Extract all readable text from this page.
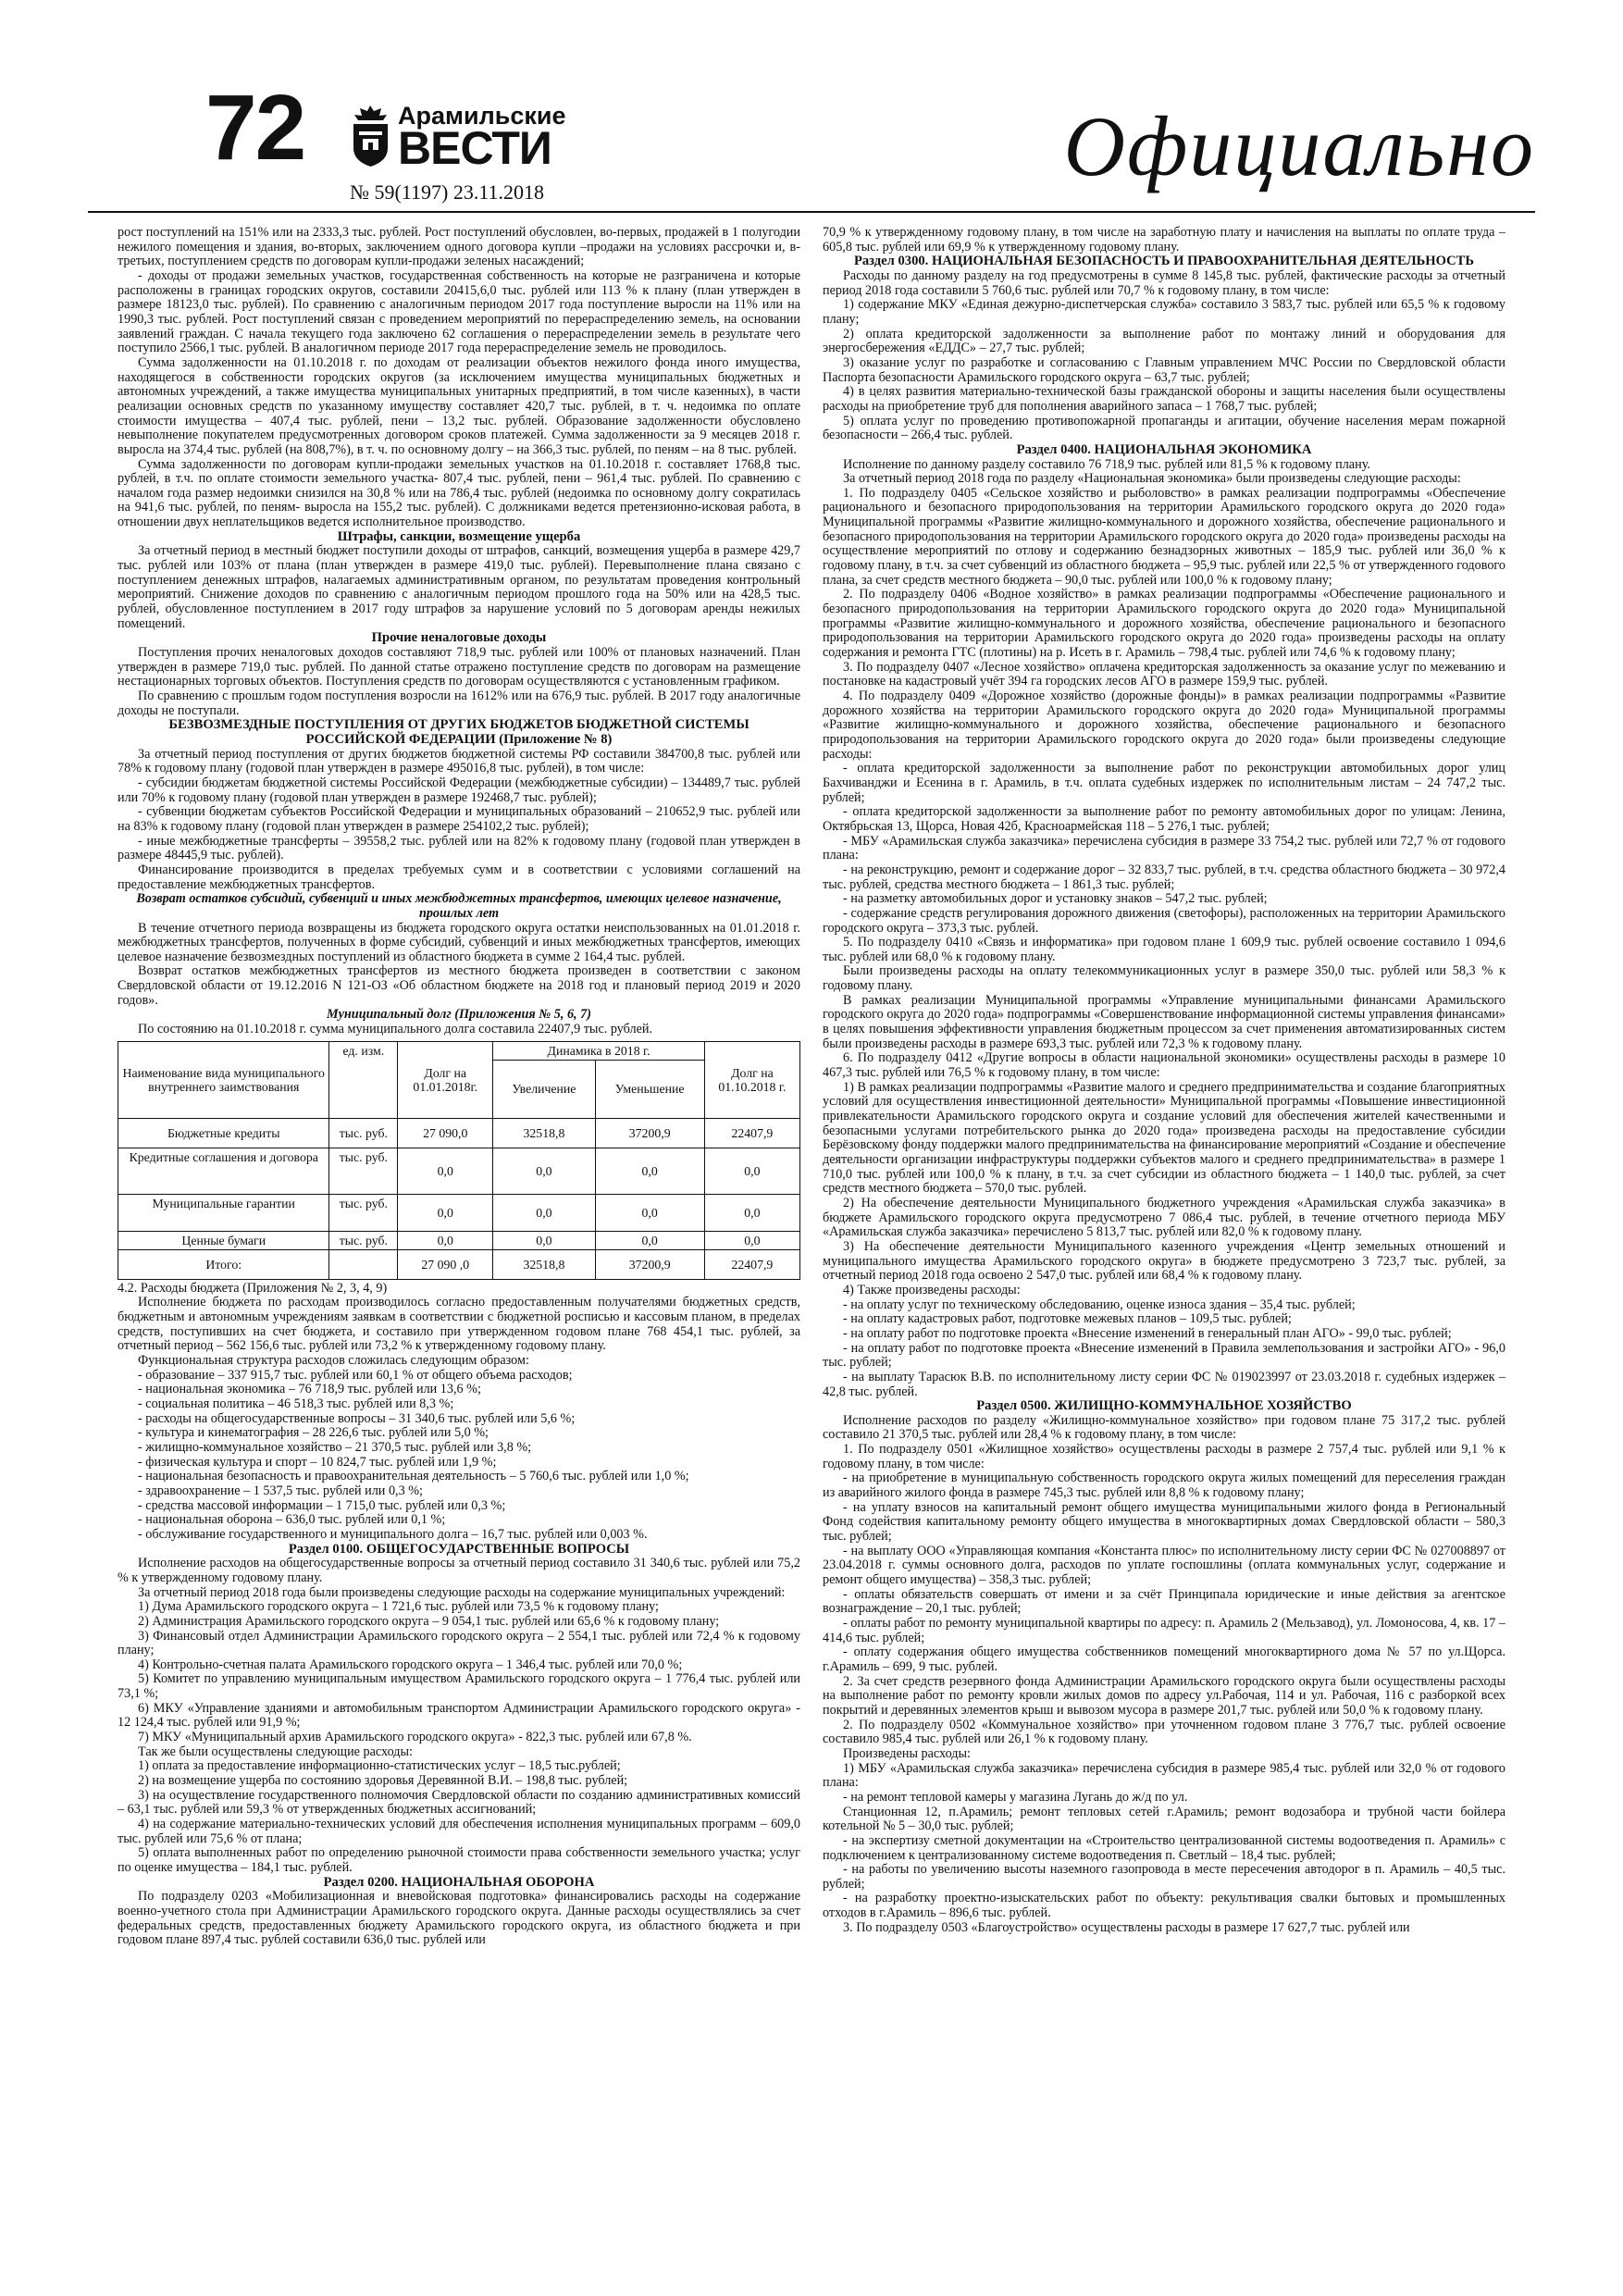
72	Арамильские
ВЕСТИ
№ 59(1197) 23.11.2018	Официально

рост поступлений на 151% или на 2333,3 тыс. рублей. Рост поступлений обусловлен, во-первых, продажей в 1 полугодии нежилого помещения и здания, во-вторых, заключением одного договора купли –продажи на условиях рассрочки и, в- третьих, поступлением средств по договорам купли-продажи зеленых насаждений;

- доходы от продажи земельных участков, государственная собственность на которые не разграничена и которые расположены в границах городских округов, составили 20415,6,0 тыс. рублей или 113 % к плану (план утвержден в размере 18123,0 тыс. рублей). По сравнению с аналогичным периодом 2017 года поступление выросли на 11% или на 1990,3 тыс. рублей. Рост поступлений связан с проведением мероприятий по перераспределению земель, на основании заявлений граждан. С начала текущего года заключено 62 соглашения о перераспределении земель в результате чего поступило 2566,1 тыс. рублей. В аналогичном периоде 2017 года перераспределение земель не проводилось.

Сумма задолженности на 01.10.2018 г. по доходам от реализации объектов нежилого фонда иного имущества, находящегося в собственности городских округов (за исключением имущества муниципальных бюджетных и автономных учреждений, а также имущества муниципальных унитарных предприятий, в том числе казенных), в части реализации основных средств по указанному имуществу составляет 420,7 тыс. рублей, в т. ч. недоимка по оплате стоимости имущества – 407,4 тыс. рублей, пени – 13,2 тыс. рублей. Образование задолженности обусловлено невыполнение покупателем предусмотренных договором сроков платежей. Сумма задолженности за 9 месяцев 2018 г. выросла на 374,4 тыс. рублей (на 808,7%), в т. ч. по основному долгу – на 366,3 тыс. рублей, по пеням – на 8 тыс. рублей.

Сумма задолженности по договорам купли-продажи земельных участков на 01.10.2018 г. составляет 1768,8 тыс. рублей, в т.ч. по оплате стоимости земельного участка- 807,4 тыс. рублей, пени – 961,4 тыс. рублей. По сравнению с началом года размер недоимки снизился на 30,8 % или на 786,4 тыс. рублей (недоимка по основному долгу сократилась на 941,6 тыс. рублей, по пеням- выросла на 155,2 тыс. рублей). С должниками ведется претензионно-исковая работа, в отношении двух неплательщиков ведется исполнительное производство.

Штрафы, санкции, возмещение ущерба

За отчетный период в местный бюджет поступили доходы от штрафов, санкций, возмещения ущерба в размере 429,7 тыс. рублей или 103% от плана (план утвержден в размере 419,0 тыс. рублей). Перевыполнение плана связано с поступлением денежных штрафов, налагаемых административным органом, по результатам проведения контрольный мероприятий. Снижение доходов по сравнению с аналогичным периодом прошлого года на 50% или на 428,5 тыс. рублей, обусловленное поступлением в 2017 году штрафов за нарушение условий по 5 договорам аренды нежилых помещений.

Прочие неналоговые доходы

Поступления прочих неналоговых доходов составляют 718,9 тыс. рублей или 100% от плановых назначений. План утвержден в размере 719,0 тыс. рублей. По данной статье отражено поступление средств по договорам на размещение нестационарных торговых объектов. Поступления средств по договорам осуществляются с установленным графиком.

По сравнению с прошлым годом поступления возросли на 1612% или на 676,9 тыс. рублей. В 2017 году аналогичные доходы не поступали.

БЕЗВОЗМЕЗДНЫЕ ПОСТУПЛЕНИЯ ОТ ДРУГИХ БЮДЖЕТОВ БЮДЖЕТНОЙ СИСТЕМЫ РОССИЙСКОЙ ФЕДЕРАЦИИ (Приложение № 8)

За отчетный период поступления от других бюджетов бюджетной системы РФ составили 384700,8 тыс. рублей или 78% к годовому плану (годовой план утвержден в размере 495016,8 тыс. рублей), в том числе:

- субсидии бюджетам бюджетной системы Российской Федерации (межбюджетные субсидии) – 134489,7 тыс. рублей или 70% к годовому плану (годовой план утвержден в размере 192468,7 тыс. рублей);

- субвенции бюджетам субъектов Российской Федерации и муниципальных образований – 210652,9 тыс. рублей или на 83% к годовому плану (годовой план утвержден в размере 254102,2 тыс. рублей);

- иные межбюджетные трансферты – 39558,2 тыс. рублей или на 82% к годовому плану (годовой план утвержден в размере 48445,9 тыс. рублей).

Финансирование производится в пределах требуемых сумм и в соответствии с условиями соглашений на предоставление межбюджетных трансфертов.

Возврат остатков субсидий, субвенций и иных межбюджетных трансфертов, имеющих целевое назначение, прошлых лет

В течение отчетного периода возвращены из бюджета городского округа остатки неиспользованных на 01.01.2018 г. межбюджетных трансфертов, полученных в форме субсидий, субвенций и иных межбюджетных трансфертов, имеющих целевое назначение безвозмездных поступлений из областного бюджета в сумме 2 164,4 тыс. рублей.

Возврат остатков межбюджетных трансфертов из местного бюджета произведен в соответствии с законом Свердловской области от 19.12.2016 N 121-ОЗ «Об областном бюджете на 2018 год и плановый период 2019 и 2020 годов».

Муниципальный долг (Приложения № 5, 6, 7)

По состоянию на 01.10.2018 г. сумма муниципального долга составила 22407,9 тыс. рублей.

Наименование вида муниципального внутреннего заимствования	ед. изм.	Долг на 01.01.2018г.	Динамика в 2018 г.		Долг на 01.10.2018 г.
			Увеличение	Уменьшение	
Бюджетные кредиты	тыс. руб.	27 090,0	32518,8	37200,9	22407,9
Кредитные соглашения и договора	тыс. руб.	0,0	0,0	0,0	0,0
Муниципальные гарантии	тыс. руб.	0,0	0,0	0,0	0,0
Ценные бумаги	тыс. руб.	0,0	0,0	0,0	0,0
Итого:		27 090 ,0	32518,8	37200,9	22407,9

4.2. Расходы бюджета (Приложения № 2, 3, 4, 9)

Исполнение бюджета по расходам производилось согласно предоставленным получателями бюджетных средств, бюджетным и автономным учреждениям заявкам в соответствии с бюджетной росписью и кассовым планом, в пределах средств, поступивших на счет бюджета, и составило при утвержденном годовом плане 768 454,1 тыс. рублей, за отчетный период – 562 156,6 тыс. рублей или 73,2 % к утвержденному годовому плану.

Функциональная структура расходов сложилась следующим образом:

- образование – 337 915,7 тыс. рублей или 60,1 % от общего объема расходов;

- национальная экономика – 76 718,9 тыс. рублей или 13,6 %;

- социальная политика – 46 518,3 тыс. рублей или 8,3 %;

- расходы на общегосударственные вопросы – 31 340,6 тыс. рублей или 5,6 %;

- культура и кинематография – 28 226,6 тыс. рублей или 5,0 %;

- жилищно-коммунальное хозяйство – 21 370,5 тыс. рублей или 3,8 %;

- физическая культура и спорт – 10 824,7 тыс. рублей или 1,9 %;

- национальная безопасность и правоохранительная деятельность – 5 760,6 тыс. рублей или 1,0 %;

- здравоохранение – 1 537,5 тыс. рублей или 0,3 %;

- средства массовой информации – 1 715,0 тыс. рублей или 0,3 %;

- национальная оборона – 636,0 тыс. рублей или 0,1 %;

- обслуживание государственного и муниципального долга – 16,7 тыс. рублей или 0,003 %.

Раздел 0100. ОБЩЕГОСУДАРСТВЕННЫЕ ВОПРОСЫ

Исполнение расходов на общегосударственные вопросы за отчетный период составило 31 340,6 тыс. рублей или 75,2 % к утвержденному годовому плану.

За отчетный период 2018 года были произведены следующие расходы на содержание муниципальных учреждений:

1) Дума Арамильского городского округа – 1 721,6 тыс. рублей или 73,5 % к годовому плану;

2) Администрация Арамильского городского округа – 9 054,1 тыс. рублей или 65,6 % к годовому плану;

3) Финансовый отдел Администрации Арамильского городского округа – 2 554,1 тыс. рублей или 72,4 % к годовому плану;

4) Контрольно-счетная палата Арамильского городского округа – 1 346,4 тыс. рублей или 70,0 %;

5) Комитет по управлению муниципальным имуществом Арамильского городского округа – 1 776,4 тыс. рублей или 73,1 %;

6) МКУ «Управление зданиями и автомобильным транспортом Администрации Арамильского городского округа» - 12 124,4 тыс. рублей или 91,9 %;

7) МКУ «Муниципальный архив Арамильского городского округа» - 822,3 тыс. рублей или 67,8 %.

Так же были осуществлены следующие расходы:

1) оплата за предоставление информационно-статистических услуг – 18,5 тыс.рублей;

2) на возмещение ущерба по состоянию здоровья Деревянной В.И. – 198,8 тыс. рублей;

3) на осуществление государственного полномочия Свердловской области по созданию административных комиссий – 63,1 тыс. рублей или 59,3 % от утвержденных бюджетных ассигнований;

4) на содержание материально-технических условий для обеспечения исполнения муниципальных программ – 609,0 тыс. рублей или 75,6 % от плана;

5) оплата выполненных работ по определению рыночной стоимости права собственности земельного участка; услуг по оценке имущества – 184,1 тыс. рублей.

Раздел 0200. НАЦИОНАЛЬНАЯ ОБОРОНА

По подразделу 0203 «Мобилизационная и вневойсковая подготовка» финансировались расходы на содержание военно-учетного стола при Администрации Арамильского городского округа. Данные расходы осуществлялись за счет федеральных средств, предоставленных бюджету Арамильского городского округа, из областного бюджета и при годовом плане 897,4 тыс. рублей составили 636,0 тыс. рублей или

70,9 % к утвержденному годовому плану, в том числе на заработную плату и начисления на выплаты по оплате труда – 605,8 тыс. рублей или 69,9 % к утвержденному годовому плану.

Раздел 0300. НАЦИОНАЛЬНАЯ БЕЗОПАСНОСТЬ И ПРАВООХРАНИТЕЛЬНАЯ ДЕЯТЕЛЬНОСТЬ

Расходы по данному разделу на год предусмотрены в сумме 8 145,8 тыс. рублей, фактические расходы за отчетный период 2018 года составили 5 760,6 тыс. рублей или 70,7 % к годовому плану, в том числе:

1) содержание МКУ «Единая дежурно-диспетчерская служба» составило 3 583,7 тыс. рублей или 65,5 % к годовому плану;

2) оплата кредиторской задолженности за выполнение работ по монтажу линий и оборудования для энергосбережения «ЕДДС» – 27,7 тыс. рублей;

3) оказание услуг по разработке и согласованию с Главным управлением МЧС России по Свердловской области Паспорта безопасности Арамильского городского округа – 63,7 тыс. рублей;

4) в целях развития материально-технической базы гражданской обороны и защиты населения были осуществлены расходы на приобретение труб для пополнения аварийного запаса – 1 768,7 тыс. рублей;

5) оплата услуг по проведению противопожарной пропаганды и агитации, обучение населения мерам пожарной безопасности – 266,4 тыс. рублей.

Раздел 0400. НАЦИОНАЛЬНАЯ ЭКОНОМИКА

Исполнение по данному разделу составило 76 718,9 тыс. рублей или 81,5 % к годовому плану.

За отчетный период 2018 года по разделу «Национальная экономика» были произведены следующие расходы:

1. По подразделу 0405 «Сельское хозяйство и рыболовство» в рамках реализации подпрограммы «Обеспечение рационального и безопасного природопользования на территории Арамильского городского округа до 2020 года» Муниципальной программы «Развитие жилищно-коммунального и дорожного хозяйства, обеспечение рационального и безопасного природопользования на территории Арамильского городского округа до 2020 года» произведены расходы на осуществление мероприятий по отлову и содержанию безнадзорных животных – 185,9 тыс. рублей или 36,0 % к годовому плану, в т.ч. за счет субвенций из областного бюджета – 95,9 тыс. рублей или 22,5 % от утвержденного годового плана, за счет средств местного бюджета – 90,0 тыс. рублей или 100,0 % к годовому плану;

2. По подразделу 0406 «Водное хозяйство» в рамках реализации подпрограммы «Обеспечение рационального и безопасного природопользования на территории Арамильского городского округа до 2020 года» Муниципальной программы «Развитие жилищно-коммунального и дорожного хозяйства, обеспечение рационального и безопасного природопользования на территории Арамильского городского округа до 2020 года» произведены расходы на оплату содержания и ремонта ГТС (плотины) на р. Исеть в г. Арамиль – 798,4 тыс. рублей или 74,6 % к годовому плану;

3. По подразделу 0407 «Лесное хозяйство» оплачена кредиторская задолженность за оказание услуг по межеванию и постановке на кадастровый учёт 394 га городских лесов АГО в размере 159,9 тыс. рублей.

4. По подразделу 0409 «Дорожное хозяйство (дорожные фонды)» в рамках реализации подпрограммы «Развитие дорожного хозяйства на территории Арамильского городского округа до 2020 года» Муниципальной программы «Развитие жилищно-коммунального и дорожного хозяйства, обеспечение рационального и безопасного природопользования на территории Арамильского городского округа до 2020 года» были произведены следующие расходы:

- оплата кредиторской задолженности за выполнение работ по реконструкции автомобильных дорог улиц Бахчиванджи и Есенина в г. Арамиль, в т.ч. оплата судебных издержек по исполнительным листам – 24 747,2 тыс. рублей;

- оплата кредиторской задолженности за выполнение работ по ремонту автомобильных дорог по улицам: Ленина, Октябрьская 13, Щорса, Новая 42б, Красноармейская 118 – 5 276,1 тыс. рублей;

- МБУ «Арамильская служба заказчика» перечислена субсидия в размере 33 754,2 тыс. рублей или 72,7 % от годового плана:

- на реконструкцию, ремонт и содержание дорог – 32 833,7 тыс. рублей, в т.ч. средства областного бюджета – 30 972,4 тыс. рублей, средства местного бюджета – 1 861,3 тыс. рублей;

- на разметку автомобильных дорог и установку знаков – 547,2 тыс. рублей;

- содержание средств регулирования дорожного движения (светофоры), расположенных на территории Арамильского городского округа – 373,3 тыс. рублей.

5. По подразделу 0410 «Связь и информатика» при годовом плане 1 609,9 тыс. рублей освоение составило 1 094,6 тыс. рублей или 68,0 % к годовому плану.

Были произведены расходы на оплату телекоммуникационных услуг в размере 350,0 тыс. рублей или 58,3 % к годовому плану.

В рамках реализации Муниципальной программы «Управление муниципальными финансами Арамильского городского округа до 2020 года» подпрограммы «Совершенствование информационной системы управления финансами» в целях повышения эффективности управления бюджетным процессом за счет применения автоматизированных систем были произведены расходы в размере 693,3 тыс. рублей или 72,3 % к годовому плану.

6. По подразделу 0412 «Другие вопросы в области национальной экономики» осуществлены расходы в размере 10 467,3 тыс. рублей или 76,5 % к годовому плану, в том числе:

1) В рамках реализации подпрограммы «Развитие малого и среднего предпринимательства и создание благоприятных условий для осуществления инвестиционной деятельности» Муниципальной программы «Повышение инвестиционной привлекательности Арамильского городского округа и создание условий для обеспечения жителей качественными и безопасными услугами потребительского рынка до 2020 года» произведена расходы на предоставление субсидии Берёзовскому фонду поддержки малого предпринимательства на финансирование мероприятий «Создание и обеспечение деятельности организации инфраструктуры поддержки субъектов малого и среднего предпринимательства» в размере 1 710,0 тыс. рублей или 100,0 % к плану, в т.ч. за счет субсидии из областного бюджета – 1 140,0 тыс. рублей, за счет средств местного бюджета – 570,0 тыс. рублей.

2) На обеспечение деятельности Муниципального бюджетного учреждения «Арамильская служба заказчика» в бюджете Арамильского городского округа предусмотрено 7 086,4 тыс. рублей, в течение отчетного периода МБУ «Арамильская служба заказчика» перечислено 5 813,7 тыс. рублей или 82,0 % к годовому плану.

3) На обеспечение деятельности Муниципального казенного учреждения «Центр земельных отношений и муниципального имущества Арамильского городского округа» в бюджете предусмотрено 3 723,7 тыс. рублей, за отчетный период 2018 года освоено 2 547,0 тыс. рублей или 68,4 % к годовому плану.

4) Также произведены расходы:

- на оплату услуг по техническому обследованию, оценке износа здания – 35,4 тыс. рублей;

- на оплату кадастровых работ, подготовке межевых планов – 109,5 тыс. рублей;

- на оплату работ по подготовке проекта «Внесение изменений в генеральный план АГО» - 99,0 тыс. рублей;

- на оплату работ по подготовке проекта «Внесение изменений в Правила землепользования и застройки АГО» - 96,0 тыс. рублей;

- на выплату Тарасюк В.В. по исполнительному листу серии ФС № 019023997 от 23.03.2018 г. судебных издержек – 42,8 тыс. рублей.

Раздел 0500. ЖИЛИЩНО-КОММУНАЛЬНОЕ ХОЗЯЙСТВО

Исполнение расходов по разделу «Жилищно-коммунальное хозяйство» при годовом плане 75 317,2 тыс. рублей составило 21 370,5 тыс. рублей или 28,4 % к годовому плану, в том числе:

1. По подразделу 0501 «Жилищное хозяйство» осуществлены расходы в размере 2 757,4 тыс. рублей или 9,1 % к годовому плану, в том числе:

- на приобретение в муниципальную собственность городского округа жилых помещений для переселения граждан из аварийного жилого фонда в размере 745,3 тыс. рублей или 8,8 % к годовому плану;

- на уплату взносов на капитальный ремонт общего имущества муниципальными жилого фонда в Региональный Фонд содействия капитальному ремонту общего имущества в многоквартирных домах Свердловской области – 580,3 тыс. рублей;

- на выплату ООО «Управляющая компания «Константа плюс» по исполнительному листу серии ФС № 027008897 от 23.04.2018 г. суммы основного долга, расходов по уплате госпошлины (оплата коммунальных услуг, содержание и ремонт общего имущества) – 358,3 тыс. рублей;

- оплаты обязательств совершать от имени и за счёт Принципала юридические и иные действия за агентское вознаграждение – 20,1 тыс. рублей;

- оплаты работ по ремонту муниципальной квартиры по адресу: п. Арамиль 2 (Мельзавод), ул. Ломоносова, 4, кв. 17 – 414,6 тыс. рублей;

- оплату содержания общего имущества собственников помещений многоквартирного дома № 57 по ул.Щорса. г.Арамиль – 699, 9 тыс. рублей.

2. За счет средств резервного фонда Администрации Арамильского городского округа были осуществлены расходы на выполнение работ по ремонту кровли жилых домов по адресу ул.Рабочая, 114 и ул. Рабочая, 116 с разборкой всех покрытий и деревянных элементов крыш и вывозом мусора в размере 201,7 тыс. рублей или 50,0 % к годовому плану.

2. По подразделу 0502 «Коммунальное хозяйство» при уточненном годовом плане 3 776,7 тыс. рублей освоение составило 985,4 тыс. рублей или 26,1 % к годовому плану.

Произведены расходы:

1) МБУ «Арамильская служба заказчика» перечислена субсидия в размере 985,4 тыс. рублей или 32,0 % от годового плана:

- на ремонт тепловой камеры у магазина Лугань до ж/д по ул.

Станционная 12, п.Арамиль; ремонт тепловых сетей г.Арамиль; ремонт водозабора и трубной части бойлера котельной № 5 – 30,0 тыс. рублей;

- на экспертизу сметной документации на «Строительство централизованной системы водоотведения п. Арамиль» с подключением к централизованному системе водоотведения п. Светлый – 18,4 тыс. рублей;

- на работы по увеличению высоты наземного газопровода в месте пересечения автодорог в п. Арамиль – 40,5 тыс. рублей;

- на разработку проектно-изыскательских работ по объекту: рекультивация свалки бытовых и промышленных отходов в г.Арамиль – 896,6 тыс. рублей.

3. По подразделу 0503 «Благоустройство» осуществлены расходы в размере 17 627,7 тыс. рублей или
